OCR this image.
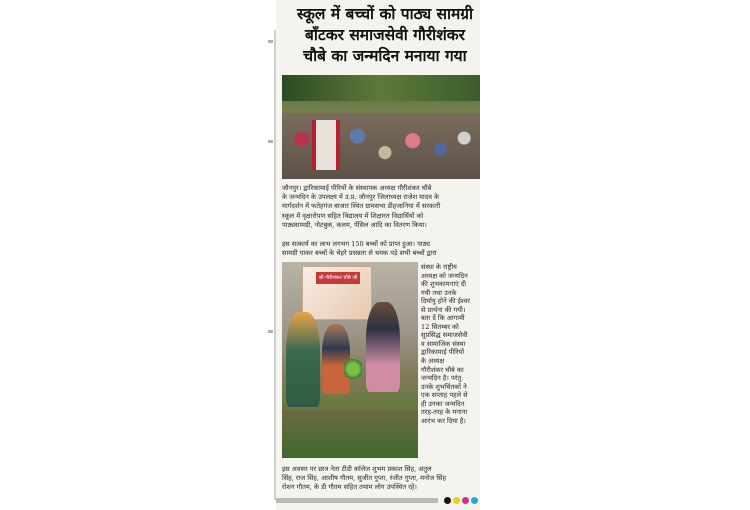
स्कूल में बच्चों को पाठ्य सामग्री
बाँटकर समाजसेवी गौरीशंकर
चौबे का जन्मदिन मनाया गया
जौनपुर। द्वारिकामाई पीरियों के संस्थापक अध्यक्ष गौरीशंकर चौबे
के जन्मदिन के उपलक्ष्य में उ.प्र. जौनपुर जिलाध्यक्ष राजेश यादव के
मार्गदर्शन में फतेहगंज बाजार स्थित ग्रामसभा डीहजानिया में सरकारी
स्कूल में वृक्षारोपण सहित विद्यालय में शिक्षारत विद्यार्थियों को
पाठ्यसामग्री, नोटबुक, कलम, पेंसिल आदि का वितरण किया।
इस सत्कार्य का लाभ लगभग 150 बच्चों को प्राप्त हुआ। पाठ्य
सामग्री पाकर बच्चों के चेहरे प्रसन्नता से चमक पड़े सभी बच्चों द्वारा
श्री गौरीशंकर चौबे जी
संस्था के राष्ट्रीय
अध्यक्ष को जन्मदिन
की शुभकामनाएं दी
गयी तथा उनके
दिर्घायु होने की ईश्वर
से प्रार्थना की गयी।
बता दें कि आगामी
12 सितम्बर को
सुप्रसिद्ध समाजसेवी
व सामाजिक संस्था
द्वारिकामाई पीरियों
के अध्यक्ष
गौरीशंकर चौबे का
जन्मदिन है। परंतु
उनके शुभचिंतकों ने
एक सप्ताह पहले से
ही उनका जन्मदिन
तरह-तरह के मनाना
आरंभ कर दिया है।
इस अवसर पर छात्र नेता टीडी कॉलेज शुभम प्रकाश सिंह, अतुल
सिंह, राज सिंह, आशीष गौतम, सुजीत गुप्ता, रंजीत गुप्ता, मनोज सिंह
रोशन गौतम, के डी गौतम सहित तमाम लोग उपस्थित रहे।
